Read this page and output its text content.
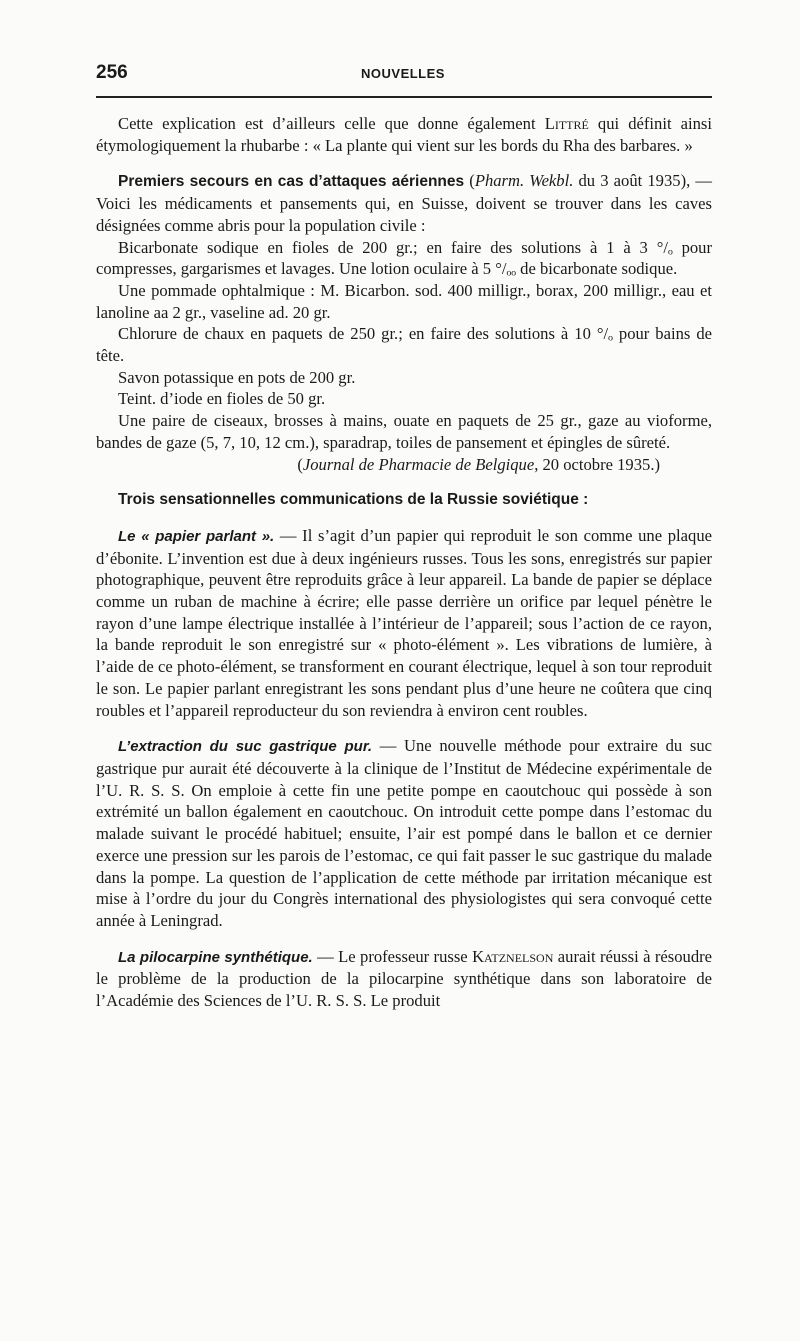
256	NOUVELLES

Cette explication est d’ailleurs celle que donne également Littré qui définit ainsi étymologiquement la rhubarbe : « La plante qui vient sur les bords du Rha des barbares. »

Premiers secours en cas d’attaques aériennes (Pharm. Wekbl. du 3 août 1935), — Voici les médicaments et pansements qui, en Suisse, doivent se trouver dans les caves désignées comme abris pour la population civile :

Bicarbonate sodique en fioles de 200 gr.; en faire des solutions à 1 à 3 °/ₒ pour compresses, gargarismes et lavages. Une lotion oculaire à 5 °/ₒₒ de bicarbonate sodique.

Une pommade ophtalmique : M. Bicarbon. sod. 400 milligr., borax, 200 milligr., eau et lanoline aa 2 gr., vaseline ad. 20 gr.

Chlorure de chaux en paquets de 250 gr.; en faire des solutions à 10 °/ₒ pour bains de tête.

Savon potassique en pots de 200 gr.

Teint. d’iode en fioles de 50 gr.

Une paire de ciseaux, brosses à mains, ouate en paquets de 25 gr., gaze au vioforme, bandes de gaze (5, 7, 10, 12 cm.), sparadrap, toiles de pansement et épingles de sûreté.

(Journal de Pharmacie de Belgique, 20 octobre 1935.)

Trois sensationnelles communications de la Russie soviétique :

Le « papier parlant ». — Il s’agit d’un papier qui reproduit le son comme une plaque d’ébonite. L’invention est due à deux ingénieurs russes. Tous les sons, enregistrés sur papier photographique, peuvent être reproduits grâce à leur appareil. La bande de papier se déplace comme un ruban de machine à écrire; elle passe derrière un orifice par lequel pénètre le rayon d’une lampe électrique installée à l’intérieur de l’appareil; sous l’action de ce rayon, la bande reproduit le son enregistré sur « photo-élément ». Les vibrations de lumière, à l’aide de ce photo-élément, se transforment en courant électrique, lequel à son tour reproduit le son. Le papier parlant enregistrant les sons pendant plus d’une heure ne coûtera que cinq roubles et l’appareil reproducteur du son reviendra à environ cent roubles.

L’extraction du suc gastrique pur. — Une nouvelle méthode pour extraire du suc gastrique pur aurait été découverte à la clinique de l’Institut de Médecine expérimentale de l’U. R. S. S. On emploie à cette fin une petite pompe en caoutchouc qui possède à son extrémité un ballon également en caoutchouc. On introduit cette pompe dans l’estomac du malade suivant le procédé habituel; ensuite, l’air est pompé dans le ballon et ce dernier exerce une pression sur les parois de l’estomac, ce qui fait passer le suc gastrique du malade dans la pompe. La question de l’application de cette méthode par irritation mécanique est mise à l’ordre du jour du Congrès international des physiologistes qui sera convoqué cette année à Leningrad.

La pilocarpine synthétique. — Le professeur russe Katznelson aurait réussi à résoudre le problème de la production de la pilocarpine synthétique dans son laboratoire de l’Académie des Sciences de l’U. R. S. S. Le produit
